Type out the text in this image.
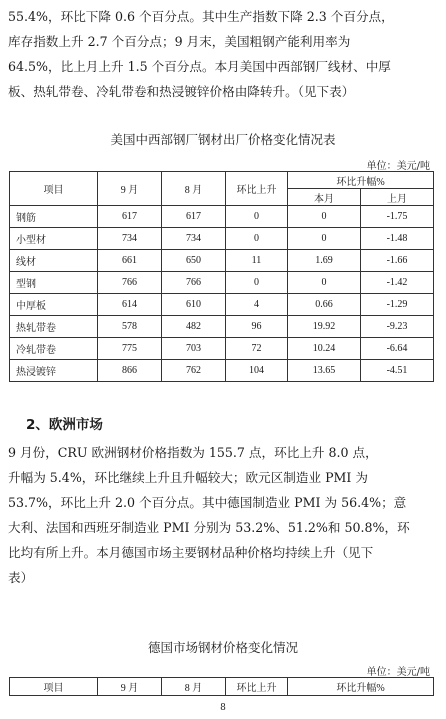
55.4%，环比下降 0.6 个百分点。其中生产指数下降 2.3 个百分点，
库存指数上升 2.7 个百分点；9 月末，美国粗钢产能利用率为
64.5%，比上月上升 1.5 个百分点。本月美国中西部钢厂线材、中厚
板、热轧带卷、冷轧带卷和热浸镀锌价格由降转升。（见下表）

美国中西部钢厂钢材出厂价格变化情况表

单位：美元/吨

项目	9 月	8 月	环比上升	环比升幅%	
				本月	上月
钢筋	617	617	0	0	-1.75
小型材	734	734	0	0	-1.48
线材	661	650	11	1.69	-1.66
型钢	766	766	0	0	-1.42
中厚板	614	610	4	0.66	-1.29
热轧带卷	578	482	96	19.92	-9.23
冷轧带卷	775	703	72	10.24	-6.64
热浸镀锌	866	762	104	13.65	-4.51

2、欧洲市场

9 月份，CRU 欧洲钢材价格指数为 155.7 点，环比上升 8.0 点，
升幅为 5.4%，环比继续上升且升幅较大；欧元区制造业 PMI 为
53.7%，环比上升 2.0 个百分点。其中德国制造业 PMI 为 56.4%；意
大利、法国和西班牙制造业 PMI 分别为 53.2%、51.2%和 50.8%，环
比均有所上升。本月德国市场主要钢材品种价格均持续上升（见下
表）

德国市场钢材价格变化情况

单位：美元/吨

项目	9 月	8 月	环比上升	环比升幅%
8
